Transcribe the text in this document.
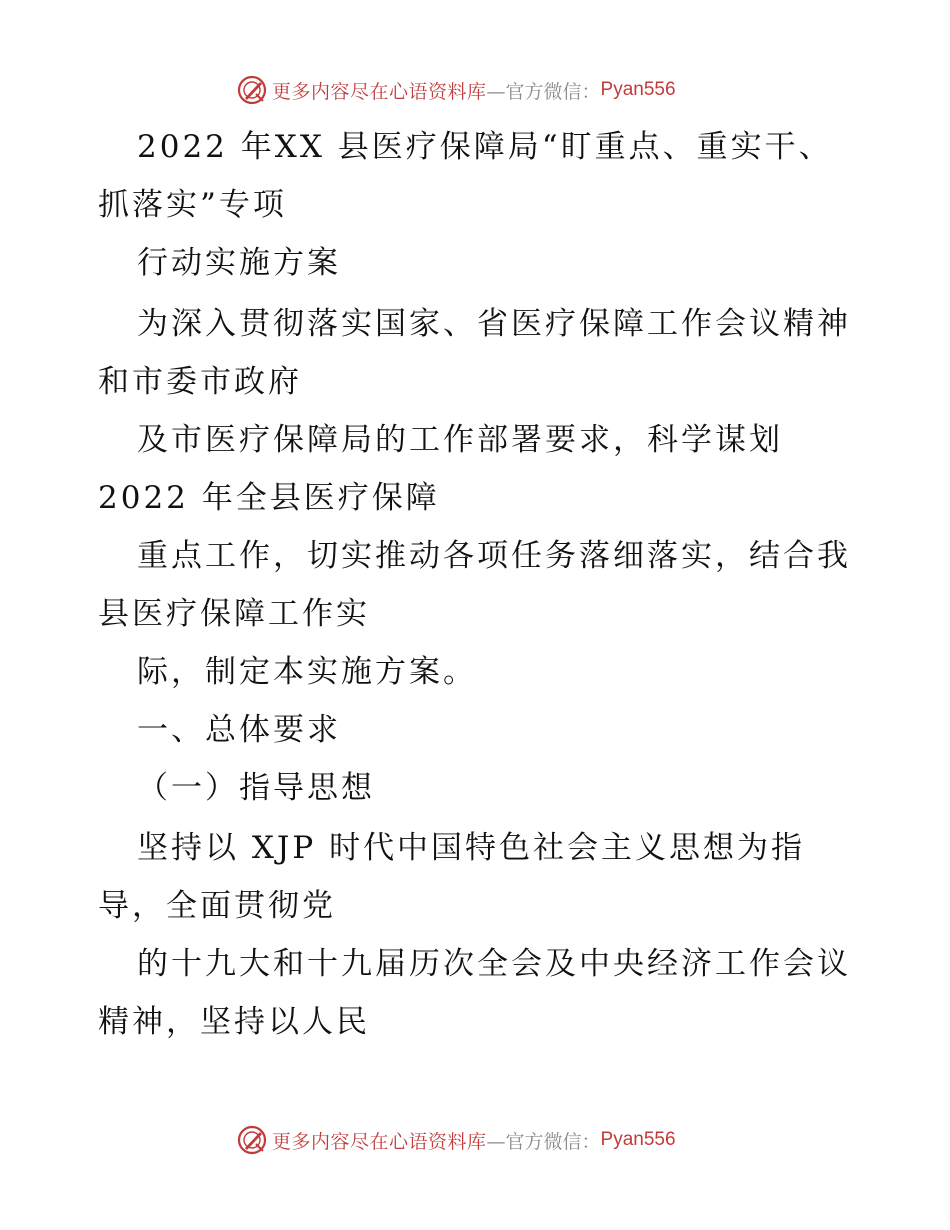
更多内容尽在心语资料库 —官方微信： Pyan556
2022 年XX 县医疗保障局“盯重点、重实干、
抓落实”专项
行动实施方案
为深入贯彻落实国家、省医疗保障工作会议精神
和市委市政府
及市医疗保障局的工作部署要求，科学谋划
2022 年全县医疗保障
重点工作，切实推动各项任务落细落实，结合我
县医疗保障工作实
际，制定本实施方案。
一、总体要求
（一）指导思想
坚持以 XJP 时代中国特色社会主义思想为指
导，全面贯彻党
的十九大和十九届历次全会及中央经济工作会议
精神，坚持以人民
更多内容尽在心语资料库 —官方微信： Pyan556
